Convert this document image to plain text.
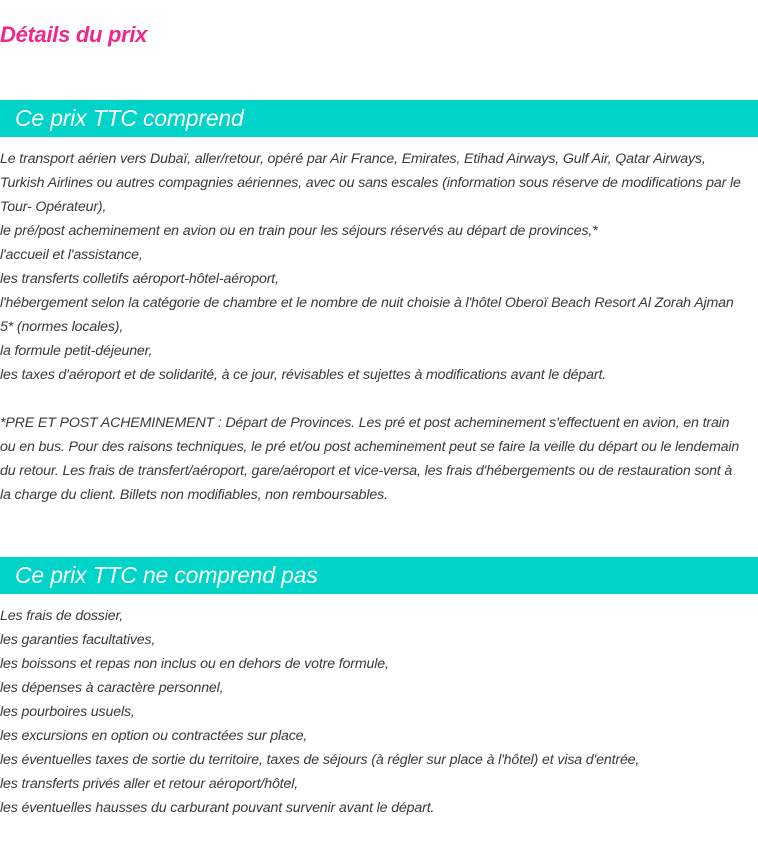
Détails du prix
Ce prix TTC comprend
Le transport aérien vers Dubaï, aller/retour, opéré par Air France, Emirates, Etihad Airways, Gulf Air, Qatar Airways,
Turkish Airlines ou autres compagnies aériennes, avec ou sans escales (information sous réserve de modifications par le
Tour- Opérateur),
le pré/post acheminement en avion ou en train pour les séjours réservés au départ de provinces,*
l'accueil et l'assistance,
les transferts colletifs aéroport-hôtel-aéroport,
l'hébergement selon la catégorie de chambre et le nombre de nuit choisie à l'hôtel Oberoï Beach Resort Al Zorah Ajman
5* (normes locales),
la formule petit-déjeuner,
les taxes d'aéroport et de solidarité, à ce jour, révisables et sujettes à modifications avant le départ.
*PRE ET POST ACHEMINEMENT : Départ de Provinces. Les pré et post acheminement s'effectuent en avion, en train
ou en bus. Pour des raisons techniques, le pré et/ou post acheminement peut se faire la veille du départ ou le lendemain
du retour. Les frais de transfert/aéroport, gare/aéroport et vice-versa, les frais d'hébergements ou de restauration sont à
la charge du client. Billets non modifiables, non remboursables.
Ce prix TTC ne comprend pas
Les frais de dossier,
les garanties facultatives,
les boissons et repas non inclus ou en dehors de votre formule,
les dépenses à caractère personnel,
les pourboires usuels,
les excursions en option ou contractées sur place,
les éventuelles taxes de sortie du territoire, taxes de séjours (à régler sur place à l'hôtel) et visa d'entrée,
les transferts privés aller et retour aéroport/hôtel,
les éventuelles hausses du carburant pouvant survenir avant le départ.
